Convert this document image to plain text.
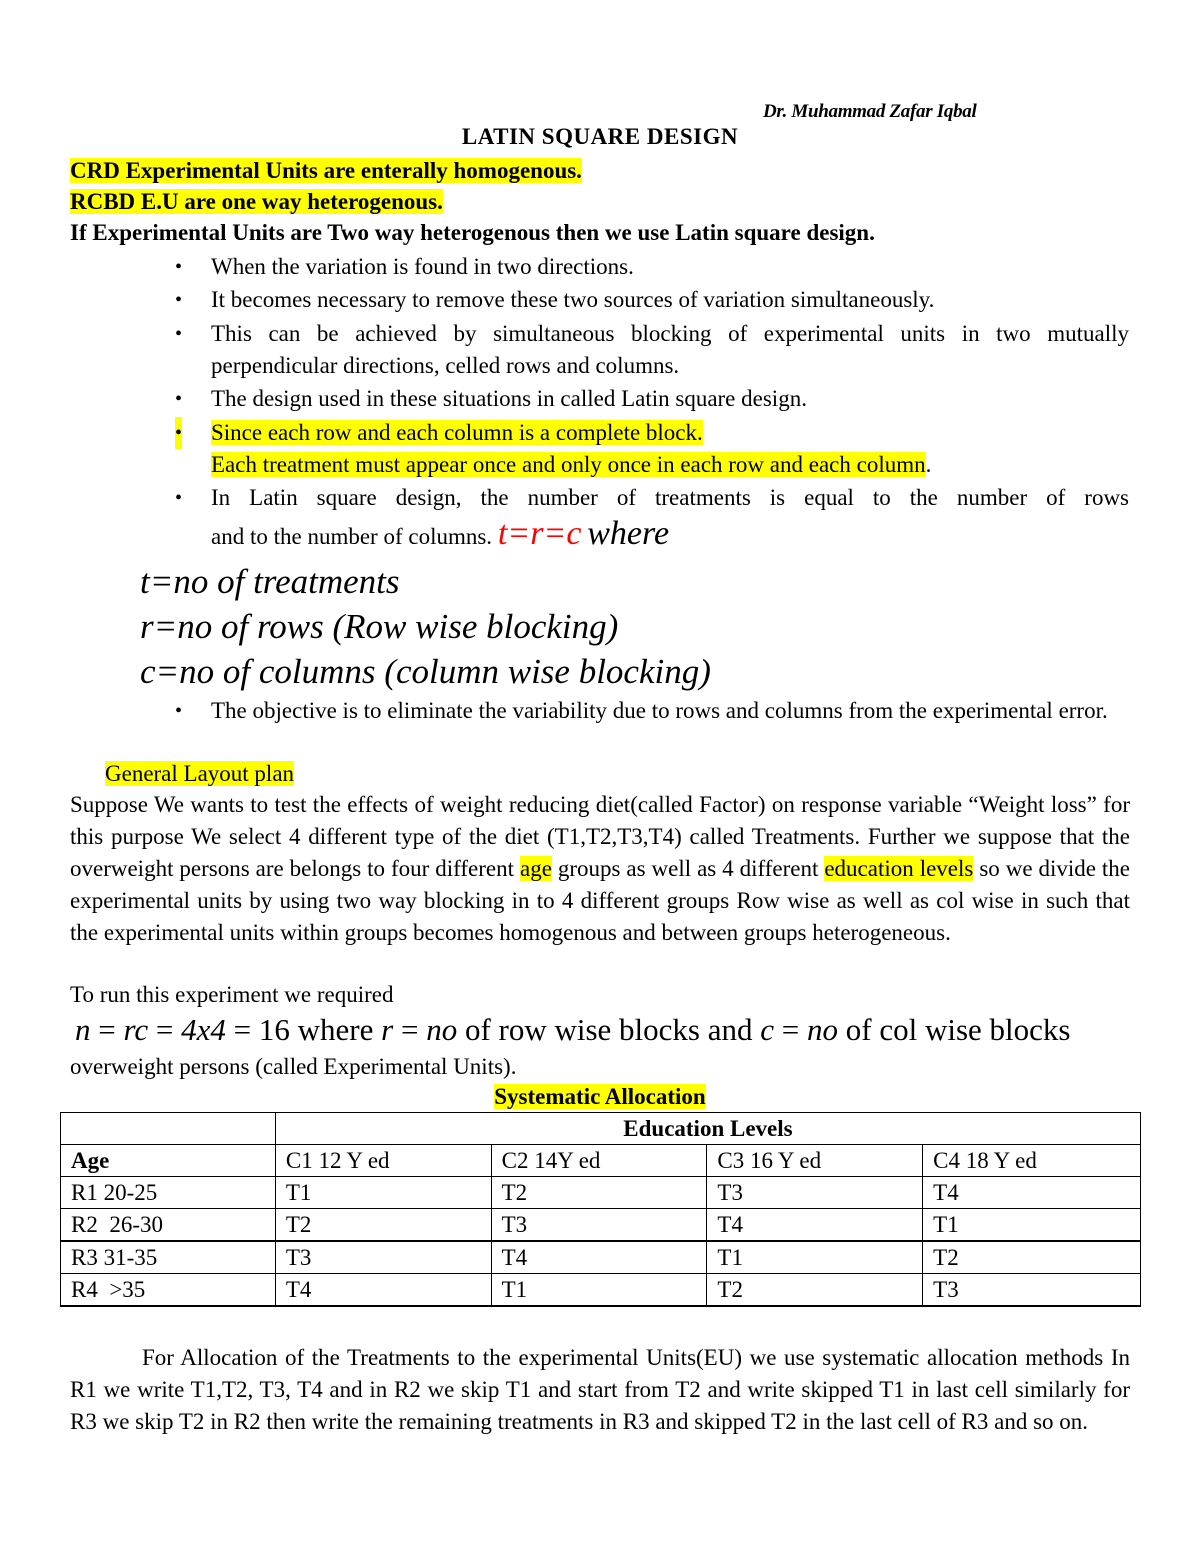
Dr. Muhammad Zafar Iqbal
LATIN SQUARE DESIGN
CRD Experimental Units are enterally homogenous.
RCBD E.U are one way heterogenous.
If Experimental Units are Two way heterogenous then we use Latin square design.
• When the variation is found in two directions.
• It becomes necessary to remove these two sources of variation simultaneously.
• This can be achieved by simultaneous blocking of experimental units in two mutually perpendicular directions, celled rows and columns.
• The design used in these situations in called Latin square design.
• Since each row and each column is a complete block.
Each treatment must appear once and only once in each row and each column.
• In Latin square design, the number of treatments is equal to the number of rows
and to the number of columns. t=r=c where
t=no of treatments
r=no of rows (Row wise blocking)
c=no of columns (column wise blocking)
• The objective is to eliminate the variability due to rows and columns from the experimental error.
General Layout plan
Suppose We wants to test the effects of weight reducing diet(called Factor) on response variable “Weight loss” for this purpose We select 4 different type of the diet (T1,T2,T3,T4) called Treatments. Further we suppose that the overweight persons are belongs to four different age groups as well as 4 different education levels so we divide the experimental units by using two way blocking in to 4 different groups Row wise as well as col wise in such that the experimental units within groups becomes homogenous and between groups heterogeneous.
To run this experiment we required
n = rc = 4x4 = 16 where r = no of row wise blocks and c = no of col wise blocks
overweight persons (called Experimental Units).
Systematic Allocation
	Education Levels			
Age	C1 12 Y ed	C2 14Y ed	C3 16 Y ed	C4 18 Y ed
R1 20-25	T1	T2	T3	T4
R2  26-30	T2	T3	T4	T1
R3 31-35	T3	T4	T1	T2
R4  >35	T4	T1	T2	T3
For Allocation of the Treatments to the experimental Units(EU) we use systematic allocation methods In R1 we write T1,T2, T3, T4 and in R2 we skip T1 and start from T2 and write skipped T1 in last cell similarly for R3 we skip T2 in R2 then write the remaining treatments in R3 and skipped T2 in the last cell of R3 and so on.
